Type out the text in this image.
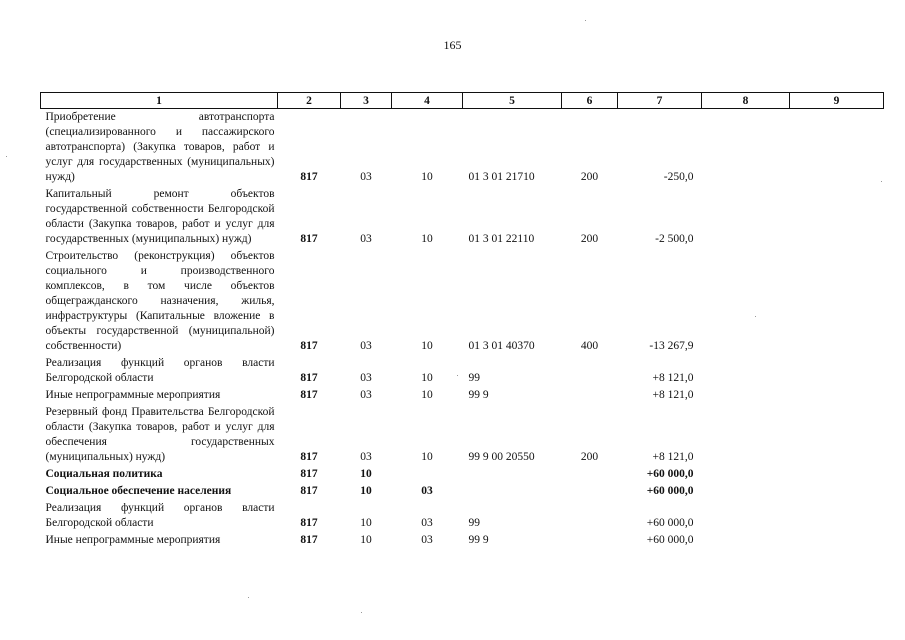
165
1	2	3	4	5	6	7	8	9
Приобретение автотранспорта (специализированного и пассажирского автотранспорта) (Закупка товаров, работ и услуг для государственных (муниципальных) нужд)	817	03	10	01 3 01 21710	200	-250,0		
Капитальный ремонт объектов государственной собственности Белгородской области (Закупка товаров, работ и услуг для государственных (муниципальных) нужд)	817	03	10	01 3 01 22110	200	-2 500,0		
Строительство (реконструкция) объектов социального и производственного комплексов, в том числе объектов общегражданского назначения, жилья, инфраструктуры (Капитальные вложение в объекты государственной (муниципальной) собственности)	817	03	10	01 3 01 40370	400	-13 267,9		
Реализация функций органов власти Белгородской области	817	03	10	99		+8 121,0		
Иные непрограммные мероприятия	817	03	10	99 9		+8 121,0		
Резервный фонд Правительства Белгородской области (Закупка товаров, работ и услуг для обеспечения государственных (муниципальных) нужд)	817	03	10	99 9 00 20550	200	+8 121,0		
Социальная политика	817	10				+60 000,0		
Социальное обеспечение населения	817	10	03			+60 000,0		
Реализация функций органов власти Белгородской области	817	10	03	99		+60 000,0		
Иные непрограммные мероприятия	817	10	03	99 9		+60 000,0		
